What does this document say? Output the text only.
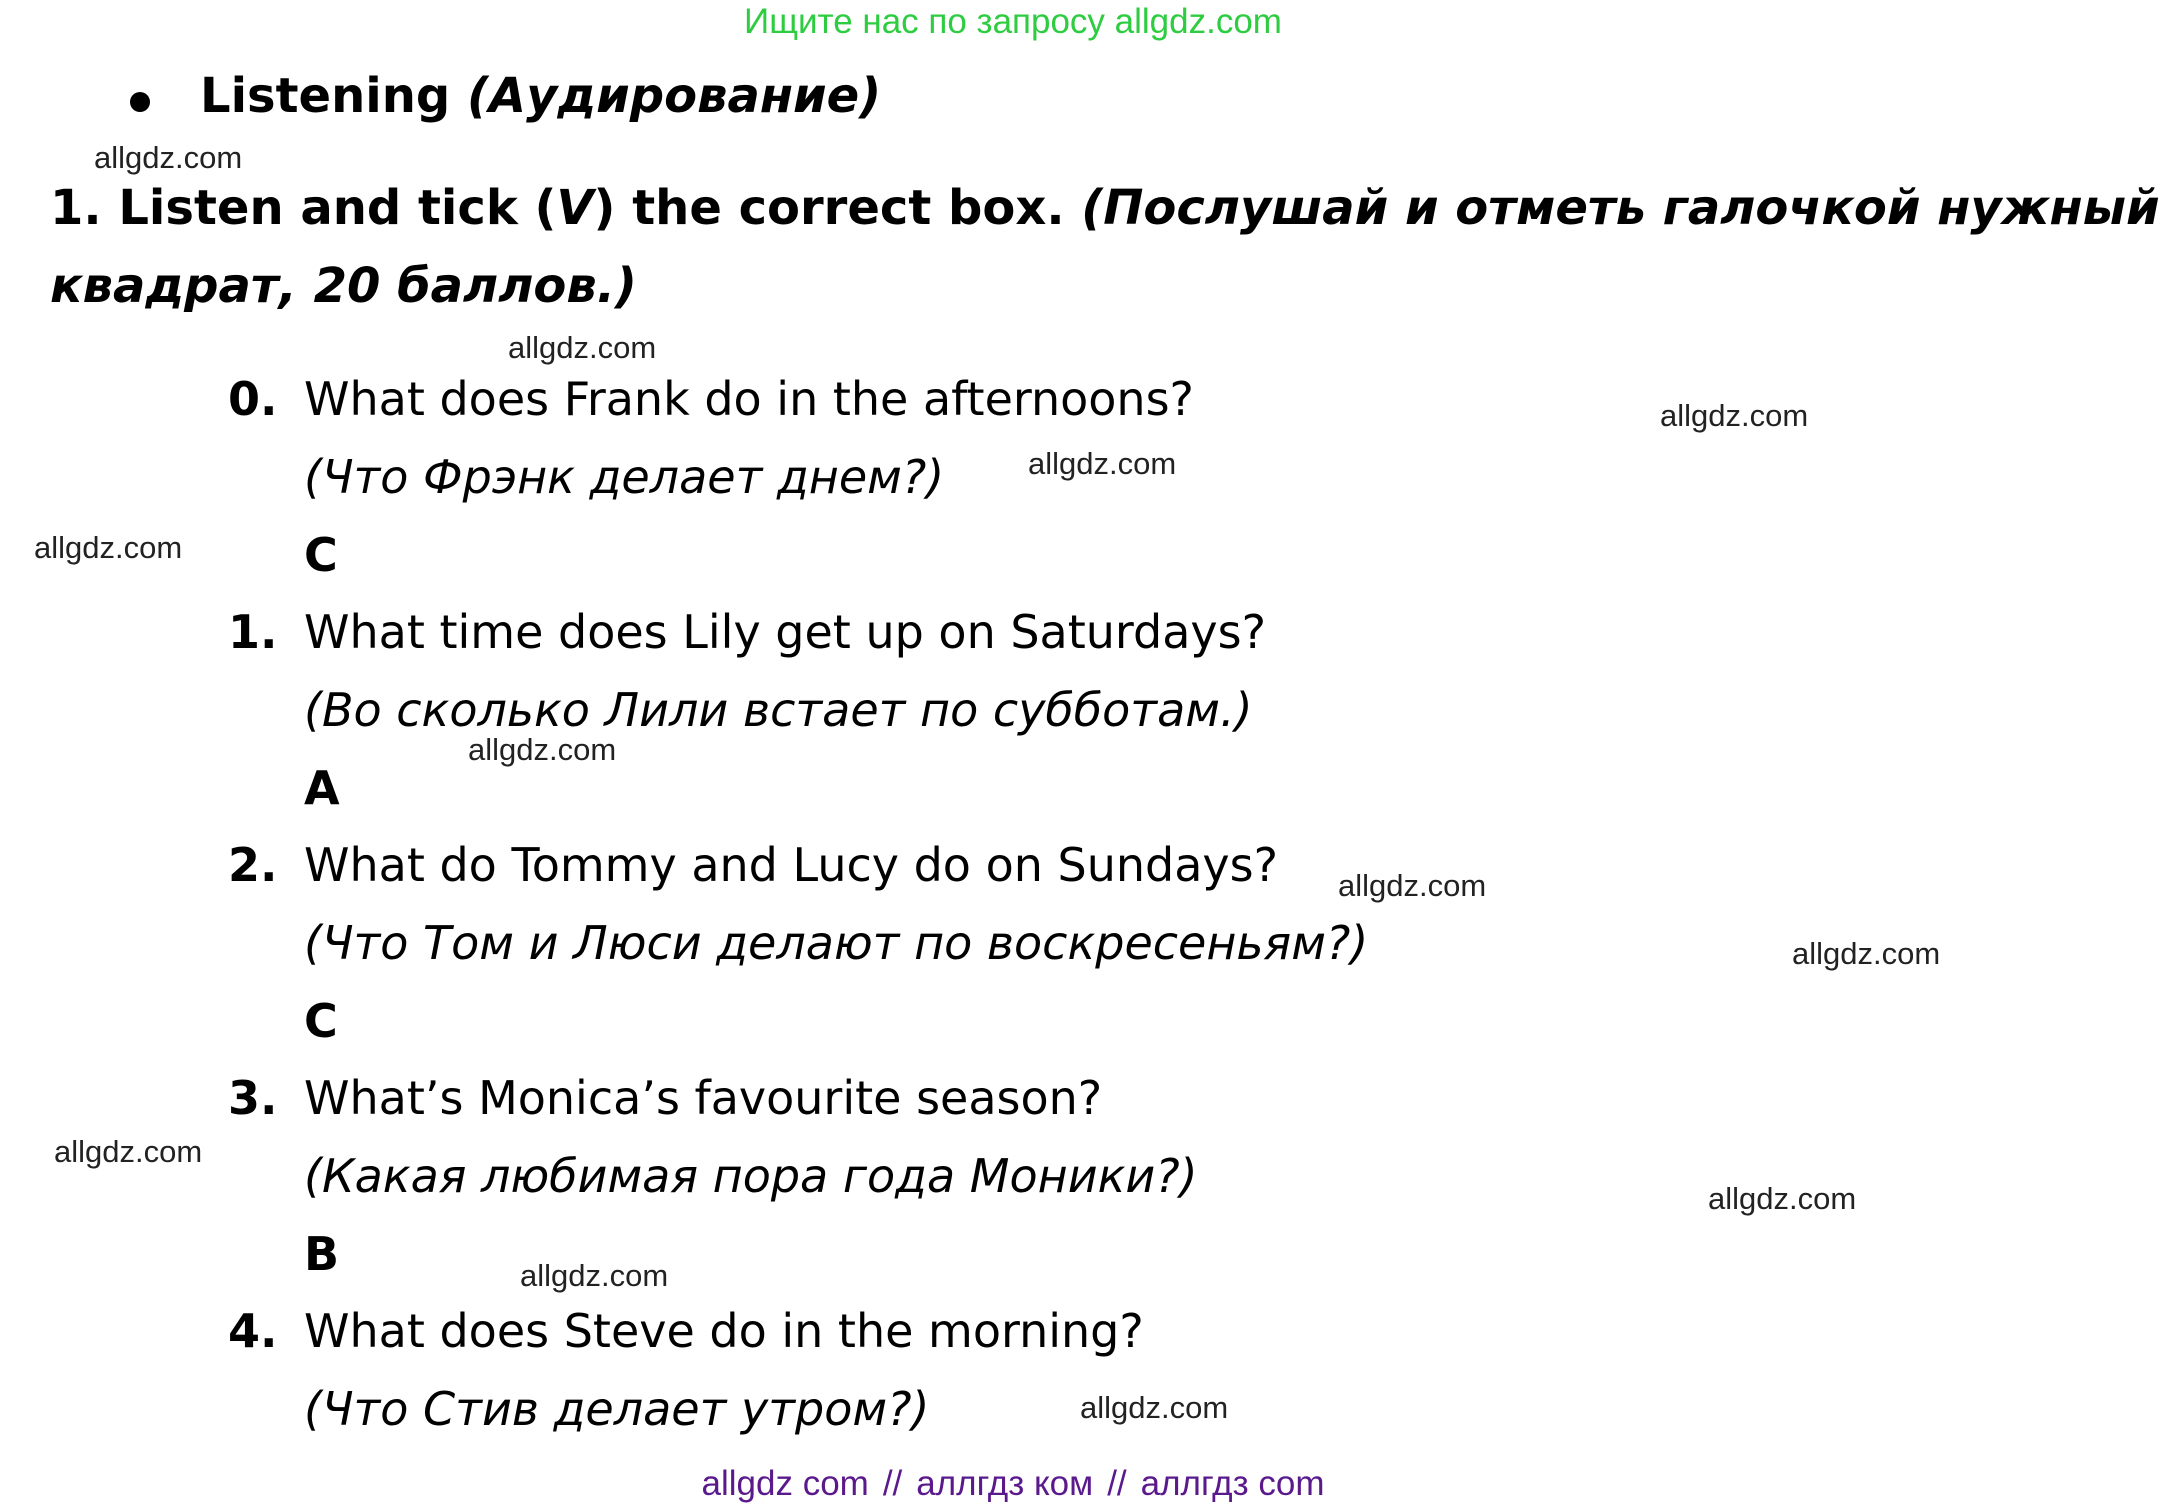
Ищите нас по запросу allgdz.com
Listening (Аудирование)
1. Listen and tick (V) the correct box. (Послушай и отметь галочкой нужный
квадрат, 20 баллов.)
0. What does Frank do in the afternoons?
(Что Фрэнк делает днем?)
C
1. What time does Lily get up on Saturdays?
(Во сколько Лили встает по субботам.)
A
2. What do Tommy and Lucy do on Sundays?
(Что Том и Люси делают по воскресеньям?)
C
3. What’s Monica’s favourite season?
(Какая любимая пора года Моники?)
B
4. What does Steve do in the morning?
(Что Стив делает утром?)
allgdz.com
allgdz.com
allgdz.com
allgdz.com
allgdz.com
allgdz.com
allgdz.com
allgdz.com
allgdz.com
allgdz.com
allgdz.com
allgdz.com
allgdz com // аллгдз ком // аллгдз com
